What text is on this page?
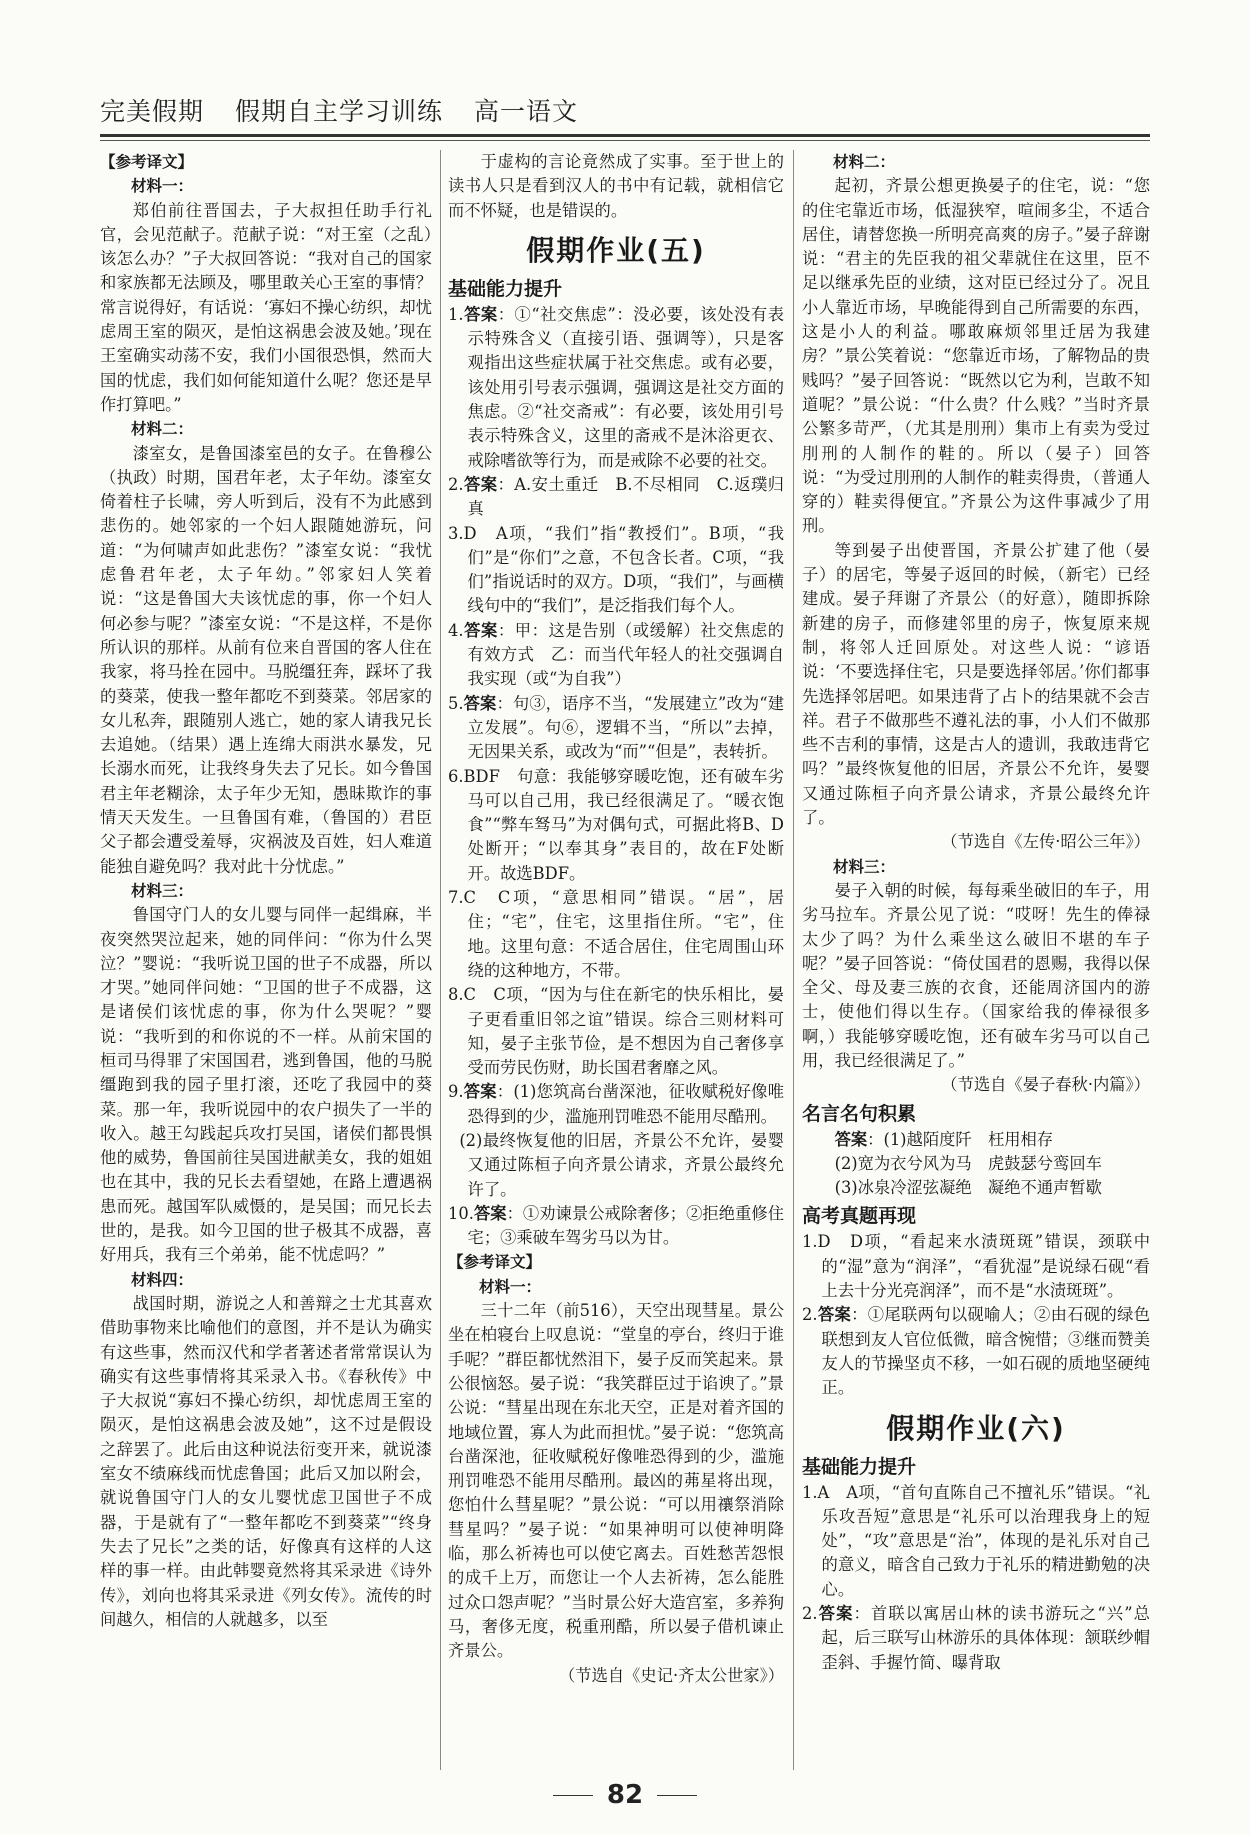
完美假期 假期自主学习训练 高一语文

【参考译文】

材料一：

郑伯前往晋国去，子大叔担任助手行礼官，会见范献子。范献子说：“对王室（之乱）该怎么办？”子大叔回答说：“我对自己的国家和家族都无法顾及，哪里敢关心王室的事情？常言说得好，有话说：‘寡妇不操心纺织，却忧虑周王室的陨灭，是怕这祸患会波及她。’现在王室确实动荡不安，我们小国很恐惧，然而大国的忧虑，我们如何能知道什么呢？您还是早作打算吧。”

材料二：

漆室女，是鲁国漆室邑的女子。在鲁穆公（执政）时期，国君年老，太子年幼。漆室女倚着柱子长啸，旁人听到后，没有不为此感到悲伤的。她邻家的一个妇人跟随她游玩，问道：“为何啸声如此悲伤？”漆室女说：“我忧虑鲁君年老，太子年幼。”邻家妇人笑着说：“这是鲁国大夫该忧虑的事，你一个妇人何必参与呢？”漆室女说：“不是这样，不是你所认识的那样。从前有位来自晋国的客人住在我家，将马拴在园中。马脱缰狂奔，踩坏了我的葵菜，使我一整年都吃不到葵菜。邻居家的女儿私奔，跟随别人逃亡，她的家人请我兄长去追她。（结果）遇上连绵大雨洪水暴发，兄长溺水而死，让我终身失去了兄长。如今鲁国君主年老糊涂，太子年少无知，愚昧欺诈的事情天天发生。一旦鲁国有难，（鲁国的）君臣父子都会遭受羞辱，灾祸波及百姓，妇人难道能独自避免吗？我对此十分忧虑。”

材料三：

鲁国守门人的女儿婴与同伴一起缉麻，半夜突然哭泣起来，她的同伴问：“你为什么哭泣？”婴说：“我听说卫国的世子不成器，所以才哭。”她同伴问她：“卫国的世子不成器，这是诸侯们该忧虑的事，你为什么哭呢？”婴说：“我听到的和你说的不一样。从前宋国的桓司马得罪了宋国国君，逃到鲁国，他的马脱缰跑到我的园子里打滚，还吃了我园中的葵菜。那一年，我听说园中的农户损失了一半的收入。越王勾践起兵攻打吴国，诸侯们都畏惧他的威势，鲁国前往吴国进献美女，我的姐姐也在其中，我的兄长去看望她，在路上遭遇祸患而死。越国军队威慑的，是吴国；而兄长去世的，是我。如今卫国的世子极其不成器，喜好用兵，我有三个弟弟，能不忧虑吗？”

材料四：

战国时期，游说之人和善辩之士尤其喜欢借助事物来比喻他们的意图，并不是认为确实有这些事，然而汉代和学者著述者常常误认为确实有这些事情将其采录入书。《春秋传》中子大叔说“寡妇不操心纺织，却忧虑周王室的陨灭，是怕这祸患会波及她”，这不过是假设之辞罢了。此后由这种说法衍变开来，就说漆室女不绩麻线而忧虑鲁国；此后又加以附会，就说鲁国守门人的女儿婴忧虑卫国世子不成器，于是就有了“一整年都吃不到葵菜”“终身失去了兄长”之类的话，好像真有这样的人这样的事一样。由此韩婴竟然将其采录进《诗外传》，刘向也将其采录进《列女传》。流传的时间越久，相信的人就越多，以至

于虚构的言论竟然成了实事。至于世上的读书人只是看到汉人的书中有记载，就相信它而不怀疑，也是错误的。

假期作业(五)

基础能力提升

1.答案：①“社交焦虑”：没必要，该处没有表示特殊含义（直接引语、强调等），只是客观指出这些症状属于社交焦虑。或有必要，该处用引号表示强调，强调这是社交方面的焦虑。②“社交斋戒”：有必要，该处用引号表示特殊含义，这里的斋戒不是沐浴更衣、戒除嗜欲等行为，而是戒除不必要的社交。

2.答案：A.安土重迁　B.不尽相同　C.返璞归真

3.D　A项，“我们”指“教授们”。B项，“我们”是“你们”之意，不包含长者。C项，“我们”指说话时的双方。D项，“我们”，与画横线句中的“我们”，是泛指我们每个人。

4.答案：甲：这是告别（或缓解）社交焦虑的有效方式　乙：而当代年轻人的社交强调自我实现（或“为自我”）

5.答案：句③，语序不当，“发展建立”改为“建立发展”。句⑥，逻辑不当，“所以”去掉，无因果关系，或改为“而”“但是”，表转折。

6.BDF　句意：我能够穿暖吃饱，还有破车劣马可以自己用，我已经很满足了。“暖衣饱食”“弊车驽马”为对偶句式，可据此将B、D处断开；“以奉其身”表目的，故在F处断开。故选BDF。

7.C　C项，“意思相同”错误。“居”，居住；“宅”，住宅，这里指住所。“宅”，住地。这里句意：不适合居住，住宅周围山环绕的这种地方，不带。

8.C　C项，“因为与住在新宅的快乐相比，晏子更看重旧邻之谊”错误。综合三则材料可知，晏子主张节俭，是不想因为自己奢侈享受而劳民伤财，助长国君奢靡之风。

9.答案：(1)您筑高台凿深池，征收赋税好像唯恐得到的少，滥施刑罚唯恐不能用尽酷刑。

(2)最终恢复他的旧居，齐景公不允许，晏婴又通过陈桓子向齐景公请求，齐景公最终允许了。

10.答案：①劝谏景公戒除奢侈；②拒绝重修住宅；③乘破车驾劣马以为甘。

【参考译文】

材料一：

三十二年（前516），天空出现彗星。景公坐在柏寝台上叹息说：“堂皇的亭台，终归于谁手呢？”群臣都忧然泪下，晏子反而笑起来。景公很恼怒。晏子说：“我笑群臣过于谄谀了。”景公说：“彗星出现在东北天空，正是对着齐国的地域位置，寡人为此而担忧。”晏子说：“您筑高台凿深池，征收赋税好像唯恐得到的少，滥施刑罚唯恐不能用尽酷刑。最凶的茀星将出现，您怕什么彗星呢？”景公说：“可以用禳祭消除彗星吗？”晏子说：“如果神明可以使神明降临，那么祈祷也可以使它离去。百姓愁苦怨恨的成千上万，而您让一个人去祈祷，怎么能胜过众口怨声呢？”当时景公好大造宫室，多养狗马，奢侈无度，税重刑酷，所以晏子借机谏止齐景公。

（节选自《史记·齐太公世家》）

材料二：

起初，齐景公想更换晏子的住宅，说：“您的住宅靠近市场，低湿狭窄，喧闹多尘，不适合居住，请替您换一所明亮高爽的房子。”晏子辞谢说：“君主的先臣我的祖父辈就住在这里，臣不足以继承先臣的业绩，这对臣已经过分了。况且小人靠近市场，早晚能得到自己所需要的东西，这是小人的利益。哪敢麻烦邻里迁居为我建房？”景公笑着说：“您靠近市场，了解物品的贵贱吗？”晏子回答说：“既然以它为利，岂敢不知道呢？”景公说：“什么贵？什么贱？”当时齐景公繁多苛严，（尤其是刖刑）集市上有卖为受过刖刑的人制作的鞋的。所以（晏子）回答说：“为受过刖刑的人制作的鞋卖得贵，（普通人穿的）鞋卖得便宜。”齐景公为这件事减少了用刑。

等到晏子出使晋国，齐景公扩建了他（晏子）的居宅，等晏子返回的时候，（新宅）已经建成。晏子拜谢了齐景公（的好意），随即拆除新建的房子，而修建邻里的房子，恢复原来规制，将邻人迁回原处。对这些人说：“谚语说：‘不要选择住宅，只是要选择邻居。’你们都事先选择邻居吧。如果违背了占卜的结果就不会吉祥。君子不做那些不遵礼法的事，小人们不做那些不吉利的事情，这是古人的遗训，我敢违背它吗？”最终恢复他的旧居，齐景公不允许，晏婴又通过陈桓子向齐景公请求，齐景公最终允许了。

（节选自《左传·昭公三年》）

材料三：

晏子入朝的时候，每每乘坐破旧的车子，用劣马拉车。齐景公见了说：“哎呀！先生的俸禄太少了吗？为什么乘坐这么破旧不堪的车子呢？”晏子回答说：“倚仗国君的恩赐，我得以保全父、母及妻三族的衣食，还能周济国内的游士，使他们得以生存。（国家给我的俸禄很多啊，）我能够穿暖吃饱，还有破车劣马可以自己用，我已经很满足了。”

（节选自《晏子春秋·内篇》）

名言名句积累

答案：(1)越陌度阡　枉用相存

(2)宽为衣兮风为马　虎鼓瑟兮鸾回车

(3)冰泉冷涩弦凝绝　凝绝不通声暂歇

高考真题再现

1.D　D项，“看起来水渍斑斑”错误，颈联中的“湿”意为“润泽”，“看犹湿”是说绿石砚“看上去十分光亮润泽”，而不是“水渍斑斑”。

2.答案：①尾联两句以砚喻人；②由石砚的绿色联想到友人官位低微，暗含惋惜；③继而赞美友人的节操坚贞不移，一如石砚的质地坚硬纯正。

假期作业(六)

基础能力提升

1.A　A项，“首句直陈自己不擅礼乐”错误。“礼乐攻吾短”意思是“礼乐可以治理我身上的短处”，“攻”意思是“治”，体现的是礼乐对自己的意义，暗含自己致力于礼乐的精进勤勉的决心。

2.答案：首联以寓居山林的读书游玩之“兴”总起，后三联写山林游乐的具体体现：颔联纱帽歪斜、手握竹简、曝背取

82
